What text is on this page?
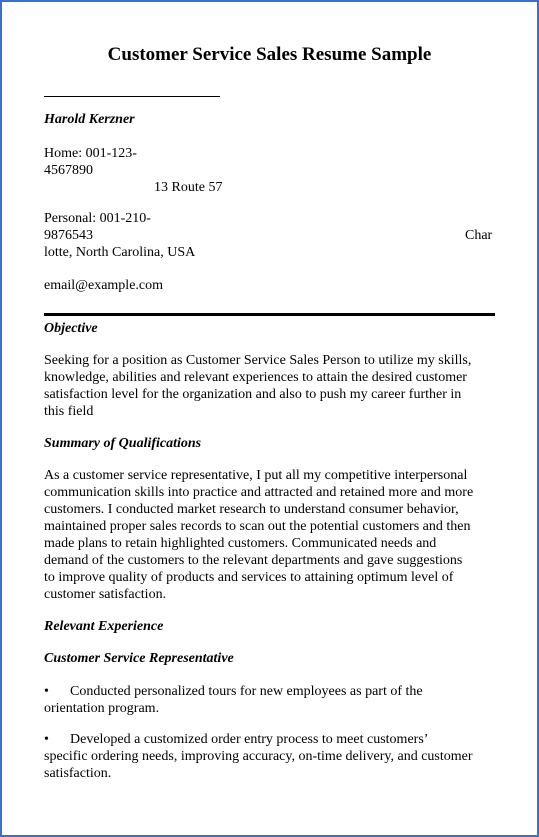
Customer Service Sales Resume Sample
Harold Kerzner
Home: 001-123-
4567890
13 Route 57
Personal: 001-210-
9876543	Char
lotte, North Carolina, USA
email@example.com
Objective
Seeking for a position as Customer Service Sales Person to utilize my skills,
knowledge, abilities and relevant experiences to attain the desired customer
satisfaction level for the organization and also to push my career further in
this field
Summary of Qualifications
As a customer service representative, I put all my competitive interpersonal
communication skills into practice and attracted and retained more and more
customers. I conducted market research to understand consumer behavior,
maintained proper sales records to scan out the potential customers and then
made plans to retain highlighted customers. Communicated needs and
demand of the customers to the relevant departments and gave suggestions
to improve quality of products and services to attaining optimum level of
customer satisfaction.
Relevant Experience
Customer Service Representative
• Conducted personalized tours for new employees as part of the
orientation program.
• Developed a customized order entry process to meet customers’
specific ordering needs, improving accuracy, on-time delivery, and customer
satisfaction.
